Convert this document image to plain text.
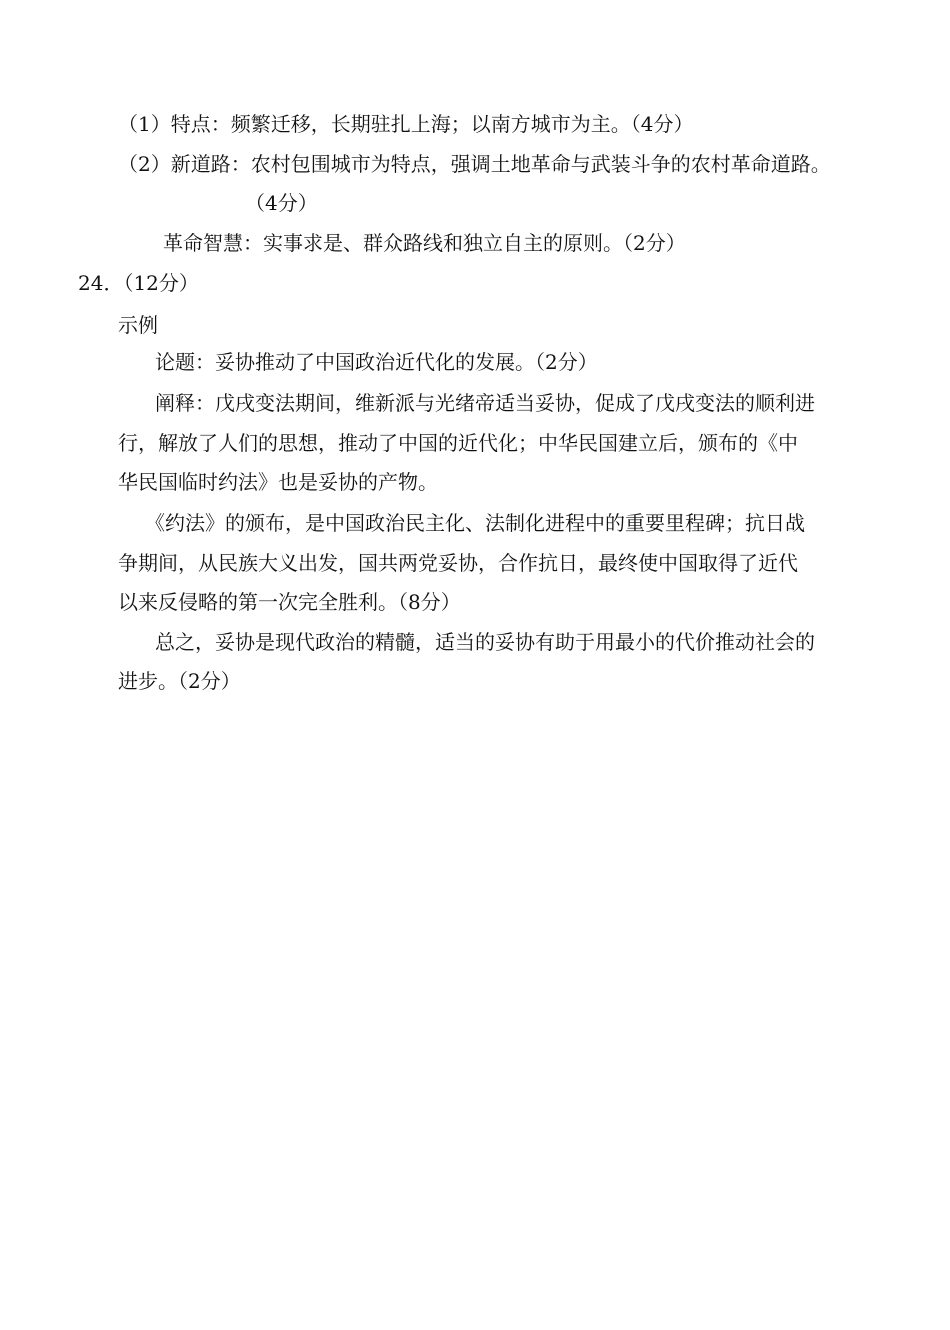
（1）特点：频繁迁移，长期驻扎上海；以南方城市为主。（4分）
（2）新道路：农村包围城市为特点，强调土地革命与武装斗争的农村革命道路。
（4分）
革命智慧：实事求是、群众路线和独立自主的原则。（2分）
24．（12分）
示例
论题：妥协推动了中国政治近代化的发展。（2分）
阐释：戊戌变法期间，维新派与光绪帝适当妥协，促成了戊戌变法的顺利进
行，解放了人们的思想，推动了中国的近代化；中华民国建立后，颁布的《中
华民国临时约法》也是妥协的产物。
《约法》的颁布，是中国政治民主化、法制化进程中的重要里程碑；抗日战
争期间，从民族大义出发，国共两党妥协，合作抗日，最终使中国取得了近代
以来反侵略的第一次完全胜利。（8分）
总之，妥协是现代政治的精髓，适当的妥协有助于用最小的代价推动社会的
进步。（2分）
